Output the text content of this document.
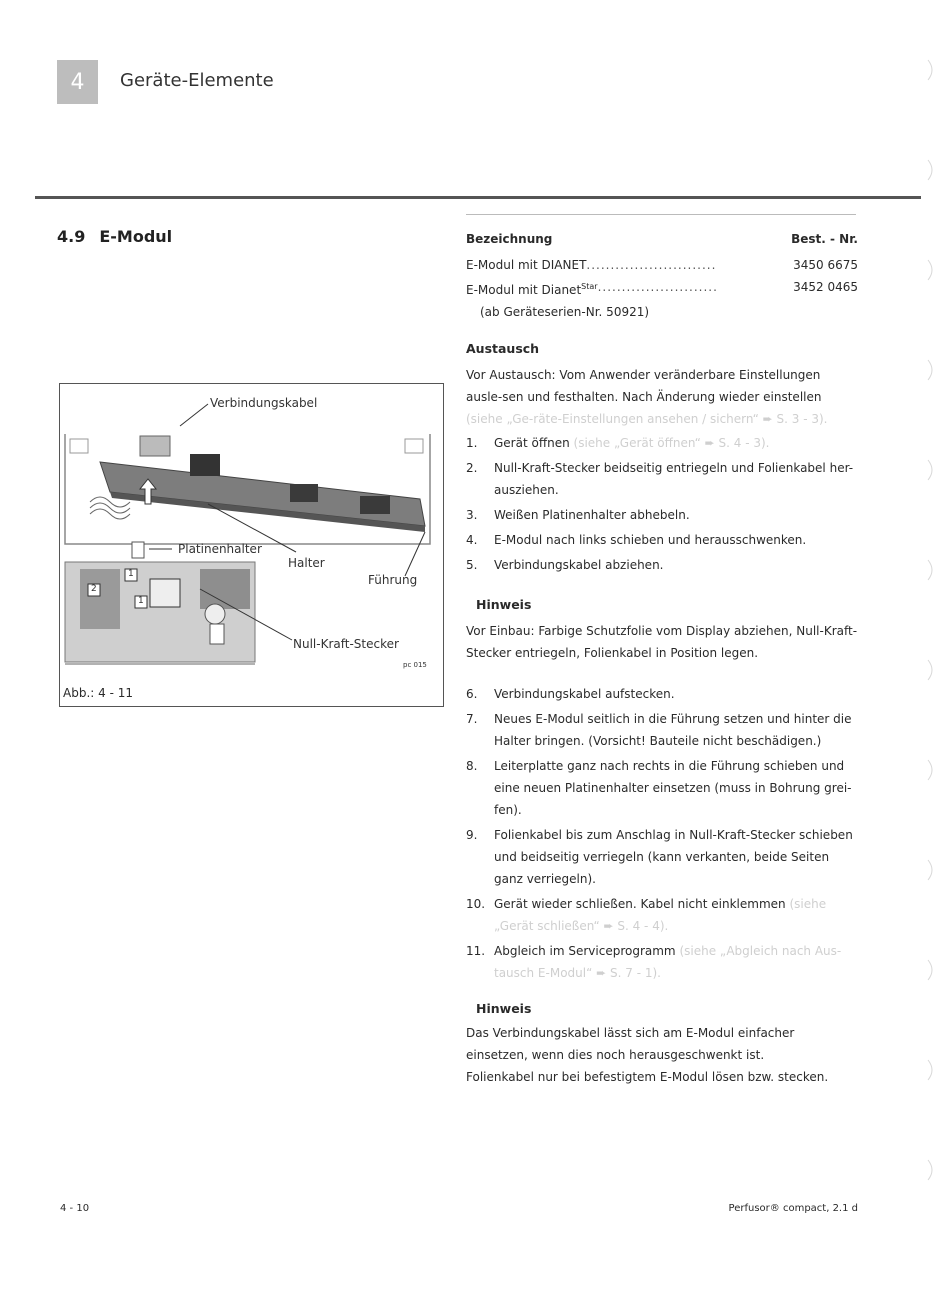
4	Geräte-Elemente
4.9 E-Modul	Bezeichnung	Best. - Nr.
E-Modul mit DIANET ...........................	3450 6675
E-Modul mit Dianet$^{Star}$ .........................	3452 0465
(ab Geräteserien-Nr. 50921)
Austausch
Vor Austausch: Vom Anwender veränderbare Einstellungen ausle-sen und festhalten. Nach Änderung wieder einstellen (siehe „Ge-räte-Einstellungen ansehen / sichern“ ➨ S. 3 - 3).
1.	Gerät öffnen (siehe „Gerät öffnen“ ➨ S. 4 - 3).
2.	Null-Kraft-Stecker beidseitig entriegeln und Folienkabel her-ausziehen.
3.	Weißen Platinenhalter abhebeln.
4.	E-Modul nach links schieben und herausschwenken.
5.	Verbindungskabel abziehen.
Hinweis
Vor Einbau: Farbige Schutzfolie vom Display abziehen, Null-Kraft-Stecker entriegeln, Folienkabel in Position legen.
6.	Verbindungskabel aufstecken.
7.	Neues E-Modul seitlich in die Führung setzen und hinter die Halter bringen. (Vorsicht! Bauteile nicht beschädigen.)
8.	Leiterplatte ganz nach rechts in die Führung schieben und eine neuen Platinenhalter einsetzen (muss in Bohrung grei-fen).
9.	Folienkabel bis zum Anschlag in Null-Kraft-Stecker schieben und beidseitig verriegeln (kann verkanten, beide Seiten ganz verriegeln).
10. Gerät wieder schließen. Kabel nicht einklemmen (siehe „Gerät schließen“ ➨ S. 4 - 4).
11. Abgleich im Serviceprogramm (siehe „Abgleich nach Aus-tausch E-Modul“ ➨ S. 7 - 1).
Hinweis
Das Verbindungskabel lässt sich am E-Modul einfacher einsetzen, wenn dies noch herausgeschwenkt ist.
Folienkabel nur bei befestigtem E-Modul lösen bzw. stecken.
Verbindungskabel
Platinenhalter
Halter
Führung
Null-Kraft-Stecker
pc 015
1
2
1
Abb.: 4 - 11
4 - 10	Perfusor® compact, 2.1 d
